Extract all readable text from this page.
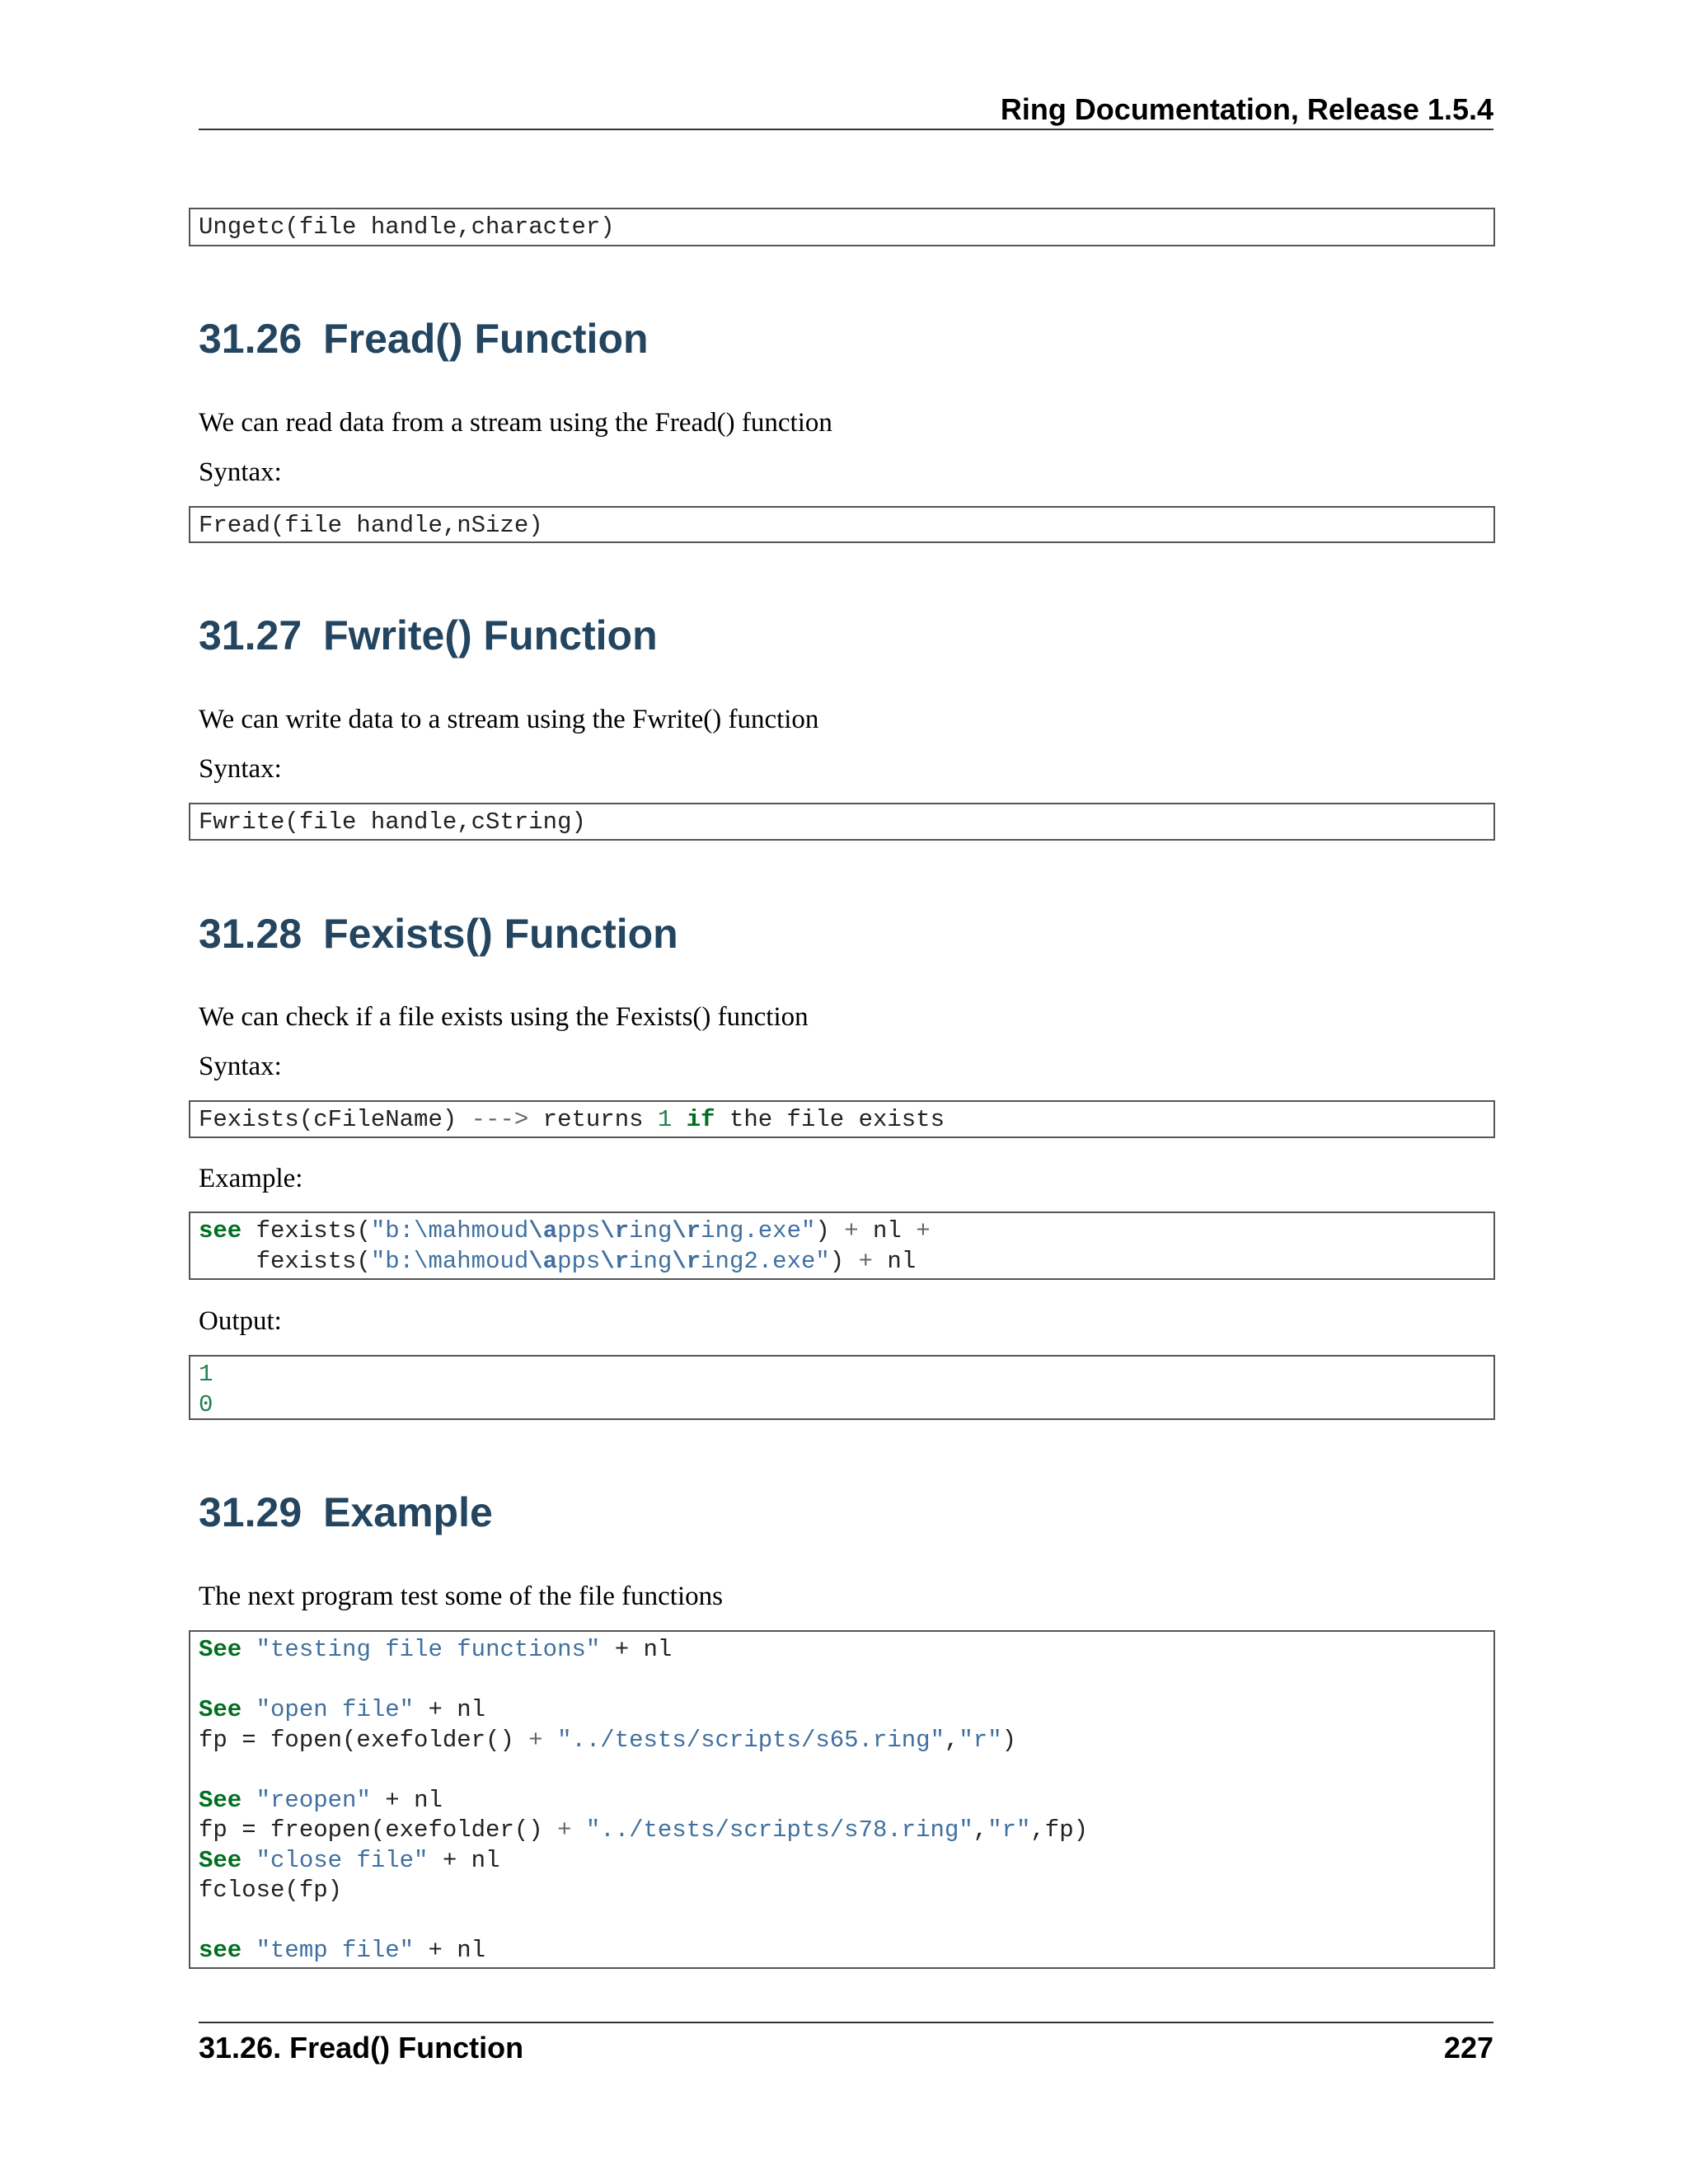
Ring Documentation, Release 1.5.4
Ungetc(file handle,character)
31.26 Fread() Function
We can read data from a stream using the Fread() function
Syntax:
Fread(file handle,nSize)
31.27 Fwrite() Function
We can write data to a stream using the Fwrite() function
Syntax:
Fwrite(file handle,cString)
31.28 Fexists() Function
We can check if a file exists using the Fexists() function
Syntax:
Fexists(cFileName) ---> returns 1 if the file exists
Example:
see fexists("b:\mahmoud\apps\ring\ring.exe") + nl +
fexists("b:\mahmoud\apps\ring\ring2.exe") + nl
Output:
1
0
31.29 Example
The next program test some of the file functions
See "testing file functions" + nl

See "open file" + nl
fp = fopen(exefolder() + "../tests/scripts/s65.ring","r")

See "reopen" + nl
fp = freopen(exefolder() + "../tests/scripts/s78.ring","r",fp)
See "close file" + nl
fclose(fp)

see "temp file" + nl
31.26. Fread() Function	227
